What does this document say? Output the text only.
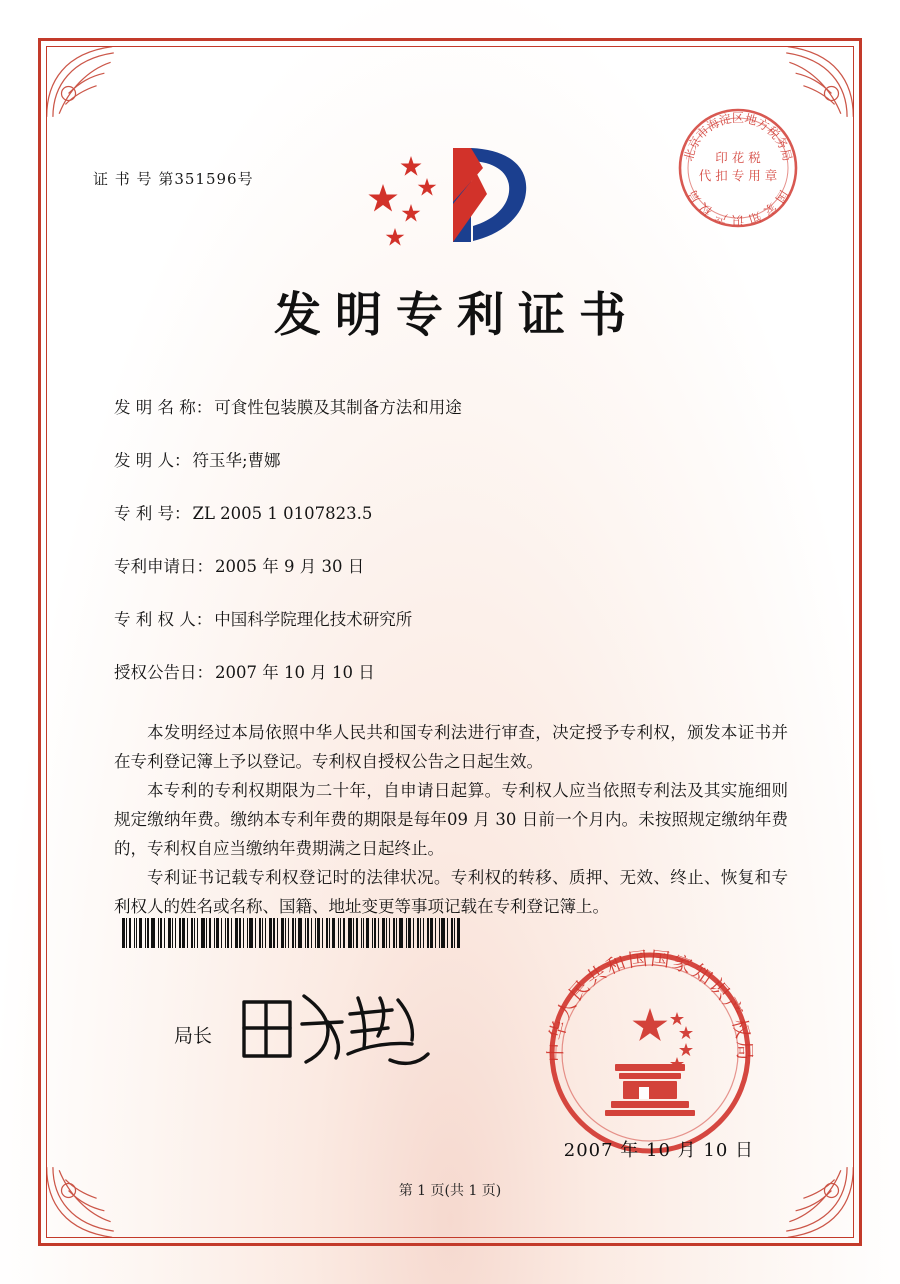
证 书 号 第351596号
北京市海淀区地方税务局
国 家 知 识 产 权 局
印 花 税
代 扣 专 用 章
发明专利证书
发 明 名 称： 可食性包装膜及其制备方法和用途
发 明 人： 符玉华;曹娜
专 利 号： ZL 2005 1 0107823.5
专利申请日： 2005 年 9 月 30 日
专 利 权 人： 中国科学院理化技术研究所
授权公告日： 2007 年 10 月 10 日

本发明经过本局依照中华人民共和国专利法进行审查，决定授予专利权，颁发本证书并在专利登记簿上予以登记。专利权自授权公告之日起生效。

本专利的专利权期限为二十年，自申请日起算。专利权人应当依照专利法及其实施细则规定缴纳年费。缴纳本专利年费的期限是每年09 月 30 日前一个月内。未按照规定缴纳年费的，专利权自应当缴纳年费期满之日起终止。

专利证书记载专利权登记时的法律状况。专利权的转移、质押、无效、终止、恢复和专利权人的姓名或名称、国籍、地址变更等事项记载在专利登记簿上。

局长
中华人民共和国国家知识产权局
2007 年 10 月 10 日
第 1 页(共 1 页)
